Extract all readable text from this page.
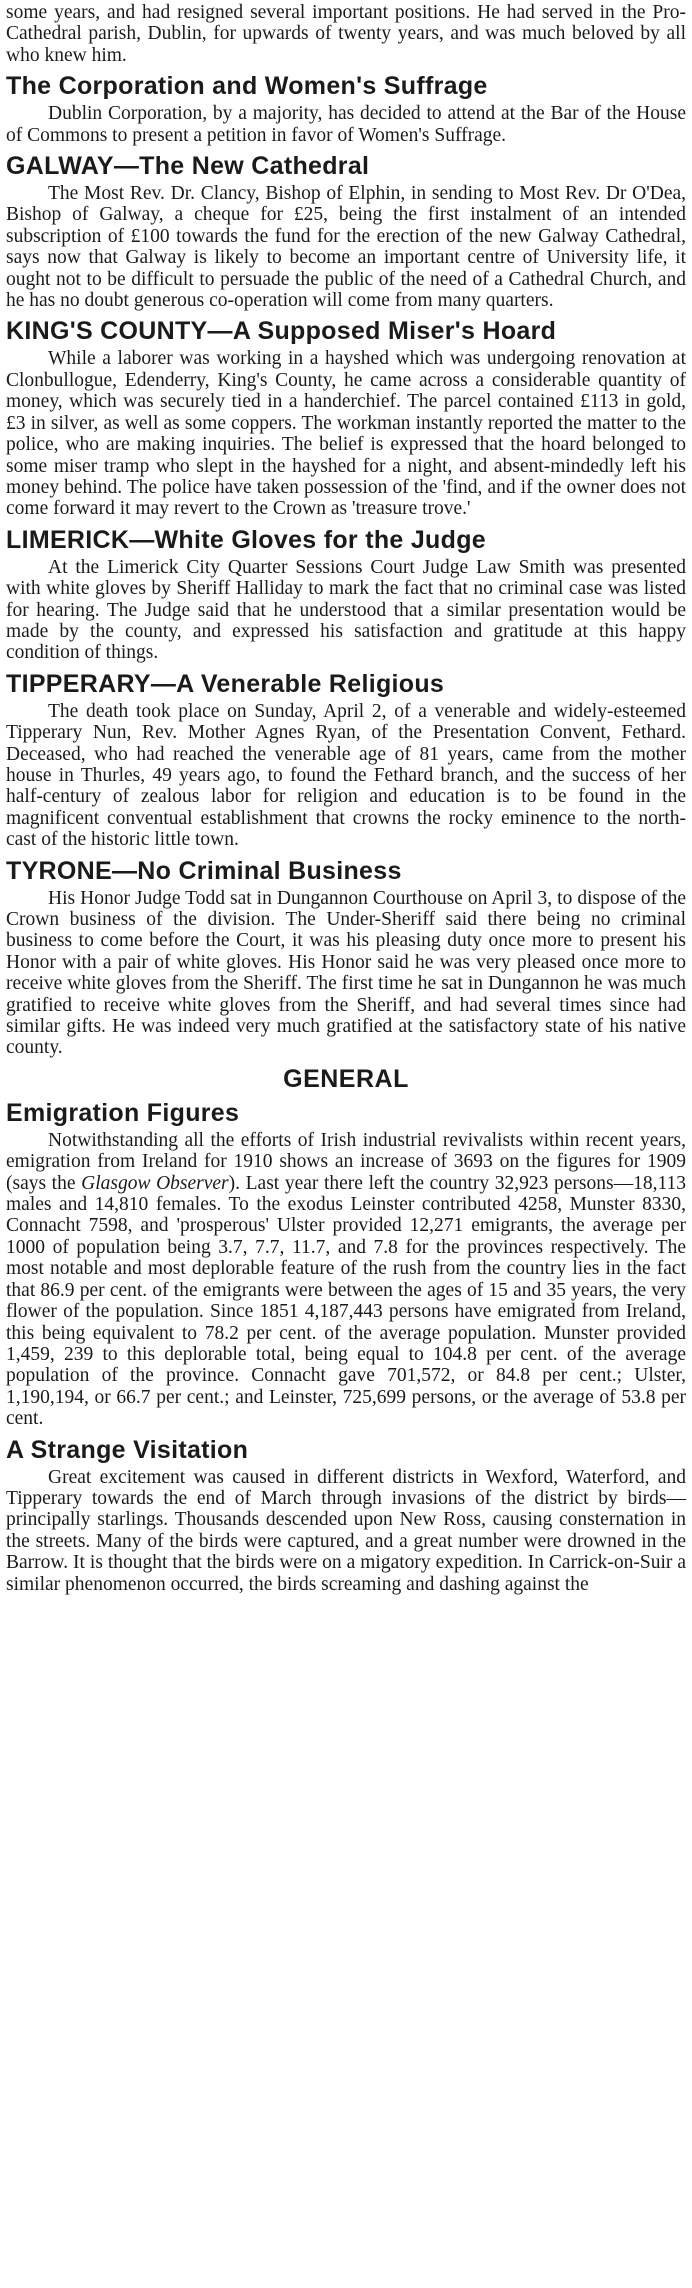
some years, and had resigned several important positions. He had served in the Pro-Cathedral parish, Dublin, for upwards of twenty years, and was much beloved by all who knew him.

The Corporation and Women's Suffrage

Dublin Corporation, by a majority, has decided to attend at the Bar of the House of Commons to present a petition in favor of Women's Suffrage.

GALWAY—The New Cathedral

The Most Rev. Dr. Clancy, Bishop of Elphin, in sending to Most Rev. Dr O'Dea, Bishop of Galway, a cheque for £25, being the first instalment of an intended subscription of £100 towards the fund for the erection of the new Galway Cathedral, says now that Galway is likely to become an important centre of University life, it ought not to be difficult to persuade the public of the need of a Cathedral Church, and he has no doubt generous co-operation will come from many quarters.

KING'S COUNTY—A Supposed Miser's Hoard

While a laborer was working in a hayshed which was undergoing renovation at Clonbullogue, Edenderry, King's County, he came across a considerable quantity of money, which was securely tied in a handerchief. The parcel contained £113 in gold, £3 in silver, as well as some coppers. The workman instantly reported the matter to the police, who are making inquiries. The belief is expressed that the hoard belonged to some miser tramp who slept in the hayshed for a night, and absent-mindedly left his money behind. The police have taken possession of the 'find, and if the owner does not come forward it may revert to the Crown as 'treasure trove.'

LIMERICK—White Gloves for the Judge

At the Limerick City Quarter Sessions Court Judge Law Smith was presented with white gloves by Sheriff Halliday to mark the fact that no criminal case was listed for hearing. The Judge said that he understood that a similar presentation would be made by the county, and expressed his satisfaction and gratitude at this happy condition of things.

TIPPERARY—A Venerable Religious

The death took place on Sunday, April 2, of a venerable and widely-esteemed Tipperary Nun, Rev. Mother Agnes Ryan, of the Presentation Convent, Fethard. Deceased, who had reached the venerable age of 81 years, came from the mother house in Thurles, 49 years ago, to found the Fethard branch, and the success of her half-century of zealous labor for religion and education is to be found in the magnificent conventual establishment that crowns the rocky eminence to the north-cast of the historic little town.

TYRONE—No Criminal Business

His Honor Judge Todd sat in Dungannon Courthouse on April 3, to dispose of the Crown business of the division. The Under-Sheriff said there being no criminal business to come before the Court, it was his pleasing duty once more to present his Honor with a pair of white gloves. His Honor said he was very pleased once more to receive white gloves from the Sheriff. The first time he sat in Dungannon he was much gratified to receive white gloves from the Sheriff, and had several times since had similar gifts. He was indeed very much gratified at the satisfactory state of his native county.

GENERAL
Emigration Figures

Notwithstanding all the efforts of Irish industrial revivalists within recent years, emigration from Ireland for 1910 shows an increase of 3693 on the figures for 1909 (says the Glasgow Observer). Last year there left the country 32,923 persons—18,113 males and 14,810 females. To the exodus Leinster contributed 4258, Munster 8330, Connacht 7598, and 'prosperous' Ulster provided 12,271 emigrants, the average per 1000 of population being 3.7, 7.7, 11.7, and 7.8 for the provinces respectively. The most notable and most deplorable feature of the rush from the country lies in the fact that 86.9 per cent. of the emigrants were between the ages of 15 and 35 years, the very flower of the population. Since 1851 4,187,443 persons have emigrated from Ireland, this being equivalent to 78.2 per cent. of the average population. Munster provided 1,459, 239 to this deplorable total, being equal to 104.8 per cent. of the average population of the province. Connacht gave 701,572, or 84.8 per cent.; Ulster, 1,190,194, or 66.7 per cent.; and Leinster, 725,699 persons, or the average of 53.8 per cent.

A Strange Visitation

Great excitement was caused in different districts in Wexford, Waterford, and Tipperary towards the end of March through invasions of the district by birds—principally starlings. Thousands descended upon New Ross, causing consternation in the streets. Many of the birds were captured, and a great number were drowned in the Barrow. It is thought that the birds were on a migatory expedition. In Carrick-on-Suir a similar phenomenon occurred, the birds screaming and dashing against the
